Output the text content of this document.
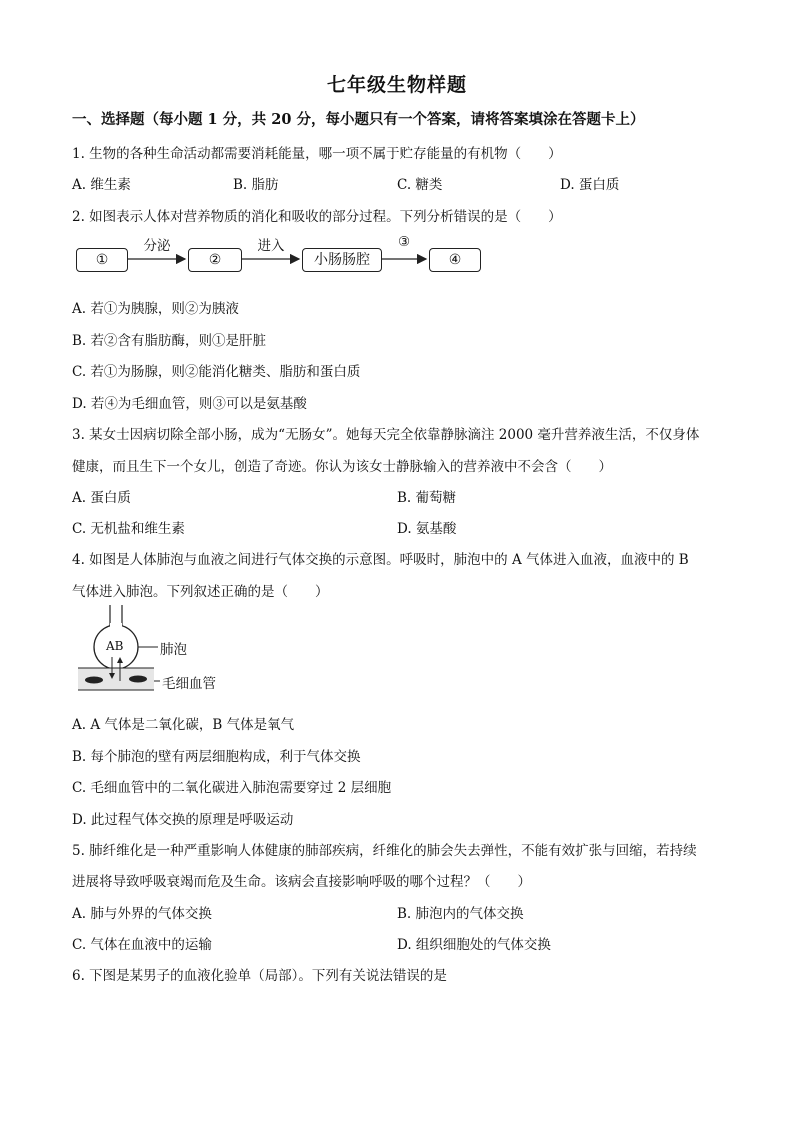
七年级生物样题
一、选择题（每小题 1 分，共 20 分，每小题只有一个答案，请将答案填涂在答题卡上）
1. 生物的各种生命活动都需要消耗能量，哪一项不属于贮存能量的有机物（　　）
A. 维生素	B. 脂肪	C. 糖类	D. 蛋白质
2. 如图表示人体对营养物质的消化和吸收的部分过程。下列分析错误的是（　　）
①	②	小肠肠腔	④
分泌	进入	③
A. 若①为胰腺，则②为胰液
B. 若②含有脂肪酶，则①是肝脏
C. 若①为肠腺，则②能消化糖类、脂肪和蛋白质
D. 若④为毛细血管，则③可以是氨基酸
3. 某女士因病切除全部小肠，成为“无肠女”。她每天完全依靠静脉滴注 2000 毫升营养液生活，不仅身体
健康，而且生下一个女儿，创造了奇迹。你认为该女士静脉输入的营养液中不会含（　　）
A. 蛋白质	B. 葡萄糖
C. 无机盐和维生素	D. 氨基酸
4. 如图是人体肺泡与血液之间进行气体交换的示意图。呼吸时，肺泡中的 A 气体进入血液，血液中的 B
气体进入肺泡。下列叙述正确的是（　　）
AB	肺泡
毛细血管
A. A 气体是二氧化碳，B 气体是氧气
B. 每个肺泡的壁有两层细胞构成，利于气体交换
C. 毛细血管中的二氧化碳进入肺泡需要穿过 2 层细胞
D. 此过程气体交换的原理是呼吸运动
5. 肺纤维化是一种严重影响人体健康的肺部疾病，纤维化的肺会失去弹性，不能有效扩张与回缩，若持续
进展将导致呼吸衰竭而危及生命。该病会直接影响呼吸的哪个过程？（　　）
A. 肺与外界的气体交换	B. 肺泡内的气体交换
C. 气体在血液中的运输	D. 组织细胞处的气体交换
6. 下图是某男子的血液化验单（局部）。下列有关说法错误的是
